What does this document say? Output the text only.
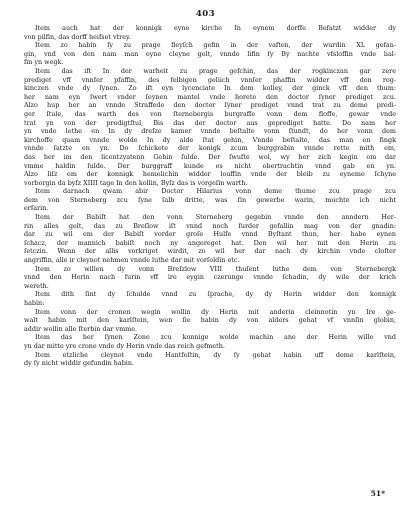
403
Item auch hat der konnigk eyne kirche In eynem dorffe Befatzt widder dy
von pilfin, das dorff heifset vtrey.
Item zo habin ſy zu prage fleyſch gefin in der vaften, der wurdin XL gefan-
gin, vnd von den nam man eyne cleyne gelt, vnnde lifin ſy By nachte vfsloffin vnde lıal-
fin yn wegk.
Item das ift In der warheit zu prage gefchin, das der rogkinczan gar zere
prediget vff vnnfer pfaffin, des felbigen geliich vnnſer phaffin widder vff den rog-
kinczen vnde dy ſynen. Zo ift eyn lycenciate In dem kolley, der ginck vff den thum:
her nam eyn ſwert vnder ſeynen mantel vnde horete den doctor ſyner prediget zcu.
Alzo hup her an vnnde Straffede den doctor ſyner prediget vnnd trat zu deme predi-
ger ſtule, das warth des von ſternebergis burgraffe vonn dem floffe, gewar vnde
trat yn von der predigtſtul, Bis das der doctor aus geprediget hatte. Do nam her
yn vnde lethe en In dy dreſze kamer vnnde beſtalte vonn ſtundt, do her vonn dem
kirchoffe quam vnnde wolde In dy alde ſtat gehin, Vnnde beſtalte, das man en fingk
vnnde ſatzte en yn. Do ſchickete der konigk zcum burggrabin vnnde rette mith em,
das her im den licentzyatenn Gebin ſulde. Der ſwuſte wol, wy her zich kegin om dar
vmme haldin ſulde. Der burggraff kunde es nicht obertrachtin vnnd gab en yn.
Alzo liſz em der konnigk hemelichin widder louffin vnde der bleib zu eyneme ſchyne
vorborgin da byſz XIIII tage In den kollin, Byſz das is vorgeſin warth.
Item darnach qwam abir Doctor Hilarius vonn deme thume zcu prage zcu
dem von Sterneberg zcu ſyne ſalb dritte, was ſin gewerbe warin, muchte ich nicht
erfarin.
Item der Babiſt hat den vonn Sterneberg gegebin vnnde den anndern Her-
rin alles gelt, das zu Breſlow iſt vnnd noch furder gefallin mag von der gnadin:
dar zu wil em der Babiſt vorder groſe Hulfe vnnd Byſtant thun, her habe eynen
ſchacz, der mannich babiſt noch ny angereget hat. Den wil her mit den Herin zu
ſetczin. Wenn der allis vorkriget wirdit, zo wil her dar nach dy kirchin vnde cloſter
angriffin, alle ir cleynot nehmen vnnde luthe dar mit vorſoldin etc.
Item zo willen dy vonn Breſzlow VIII thuſent luthe dem von Sternebergk
vnnd den Herin nach furin vff ire eygin czerunge vnnde ſchadin, dy wile der krich
wereth.
Item dith ſint dy ſchulde vnnd zu ſprache, dy dy Herin widder den konnigk
habin:
Item vonn der cronen wegin wollin dy Herin mit anderin cleinnotin yn Ire ge-
walt habin mit den karlſtein, wen ſie habin dy von alders gehat vf vnnſin globin,
addir wollin alle ſterbin dar vmme.
Item das her ſynen Zone zcu konnige wolde machin ane der Herin wille vnd
yn dar mitte yre crone vnde dy Herin vnde das reich gefmeth.
Item etzliche cleynot vnde Hantfeſtin, dy ſy gehat habin uff deme karlſtein,
dy ſy nicht widdir gefundin habin.
51*
